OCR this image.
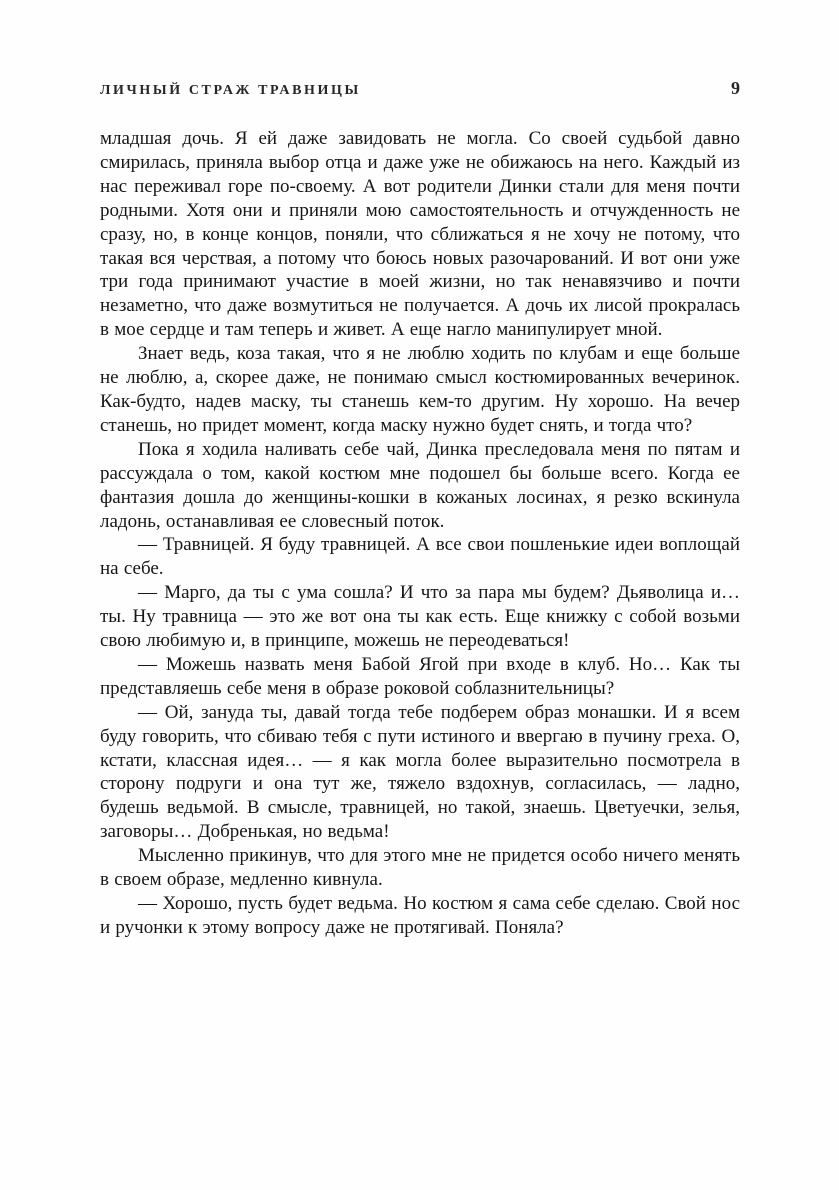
ЛИЧНЫЙ СТРАЖ ТРАВНИЦЫ	9

младшая дочь. Я ей даже завидовать не могла. Со своей судьбой давно смирилась, приняла выбор отца и даже уже не обижаюсь на него. Каждый из нас переживал горе по-своему. А вот родители Динки стали для меня почти родными. Хотя они и приняли мою самостоятельность и отчужденность не сразу, но, в конце концов, поняли, что сближаться я не хочу не потому, что такая вся черствая, а потому что боюсь новых разочарований. И вот они уже три года принимают участие в моей жизни, но так ненавязчиво и почти незаметно, что даже возмутиться не получается. А дочь их лисой прокралась в мое сердце и там теперь и живет. А еще нагло манипулирует мной.

Знает ведь, коза такая, что я не люблю ходить по клубам и еще больше не люблю, а, скорее даже, не понимаю смысл костюмированных вечеринок. Как-будто, надев маску, ты станешь кем-то другим. Ну хорошо. На вечер станешь, но придет момент, когда маску нужно будет снять, и тогда что?

Пока я ходила наливать себе чай, Динка преследовала меня по пятам и рассуждала о том, какой костюм мне подошел бы больше всего. Когда ее фантазия дошла до женщины-кошки в кожаных лосинах, я резко вскинула ладонь, останавливая ее словесный поток.

— Травницей. Я буду травницей. А все свои пошленькие идеи воплощай на себе.

— Марго, да ты с ума сошла? И что за пара мы будем? Дьяволица и… ты. Ну травница — это же вот она ты как есть. Еще книжку с собой возьми свою любимую и, в принципе, можешь не переодеваться!

— Можешь назвать меня Бабой Ягой при входе в клуб. Но… Как ты представляешь себе меня в образе роковой соблазнительницы?

— Ой, зануда ты, давай тогда тебе подберем образ монашки. И я всем буду говорить, что сбиваю тебя с пути истиного и ввергаю в пучину греха. О, кстати, классная идея… — я как могла более выразительно посмотрела в сторону подруги и она тут же, тяжело вздохнув, согласилась, — ладно, будешь ведьмой. В смысле, травницей, но такой, знаешь. Цветуечки, зелья, заговоры… Добренькая, но ведьма!

Мысленно прикинув, что для этого мне не придется особо ничего менять в своем образе, медленно кивнула.

— Хорошо, пусть будет ведьма. Но костюм я сама себе сделаю. Свой нос и ручонки к этому вопросу даже не протягивай. Поняла?
